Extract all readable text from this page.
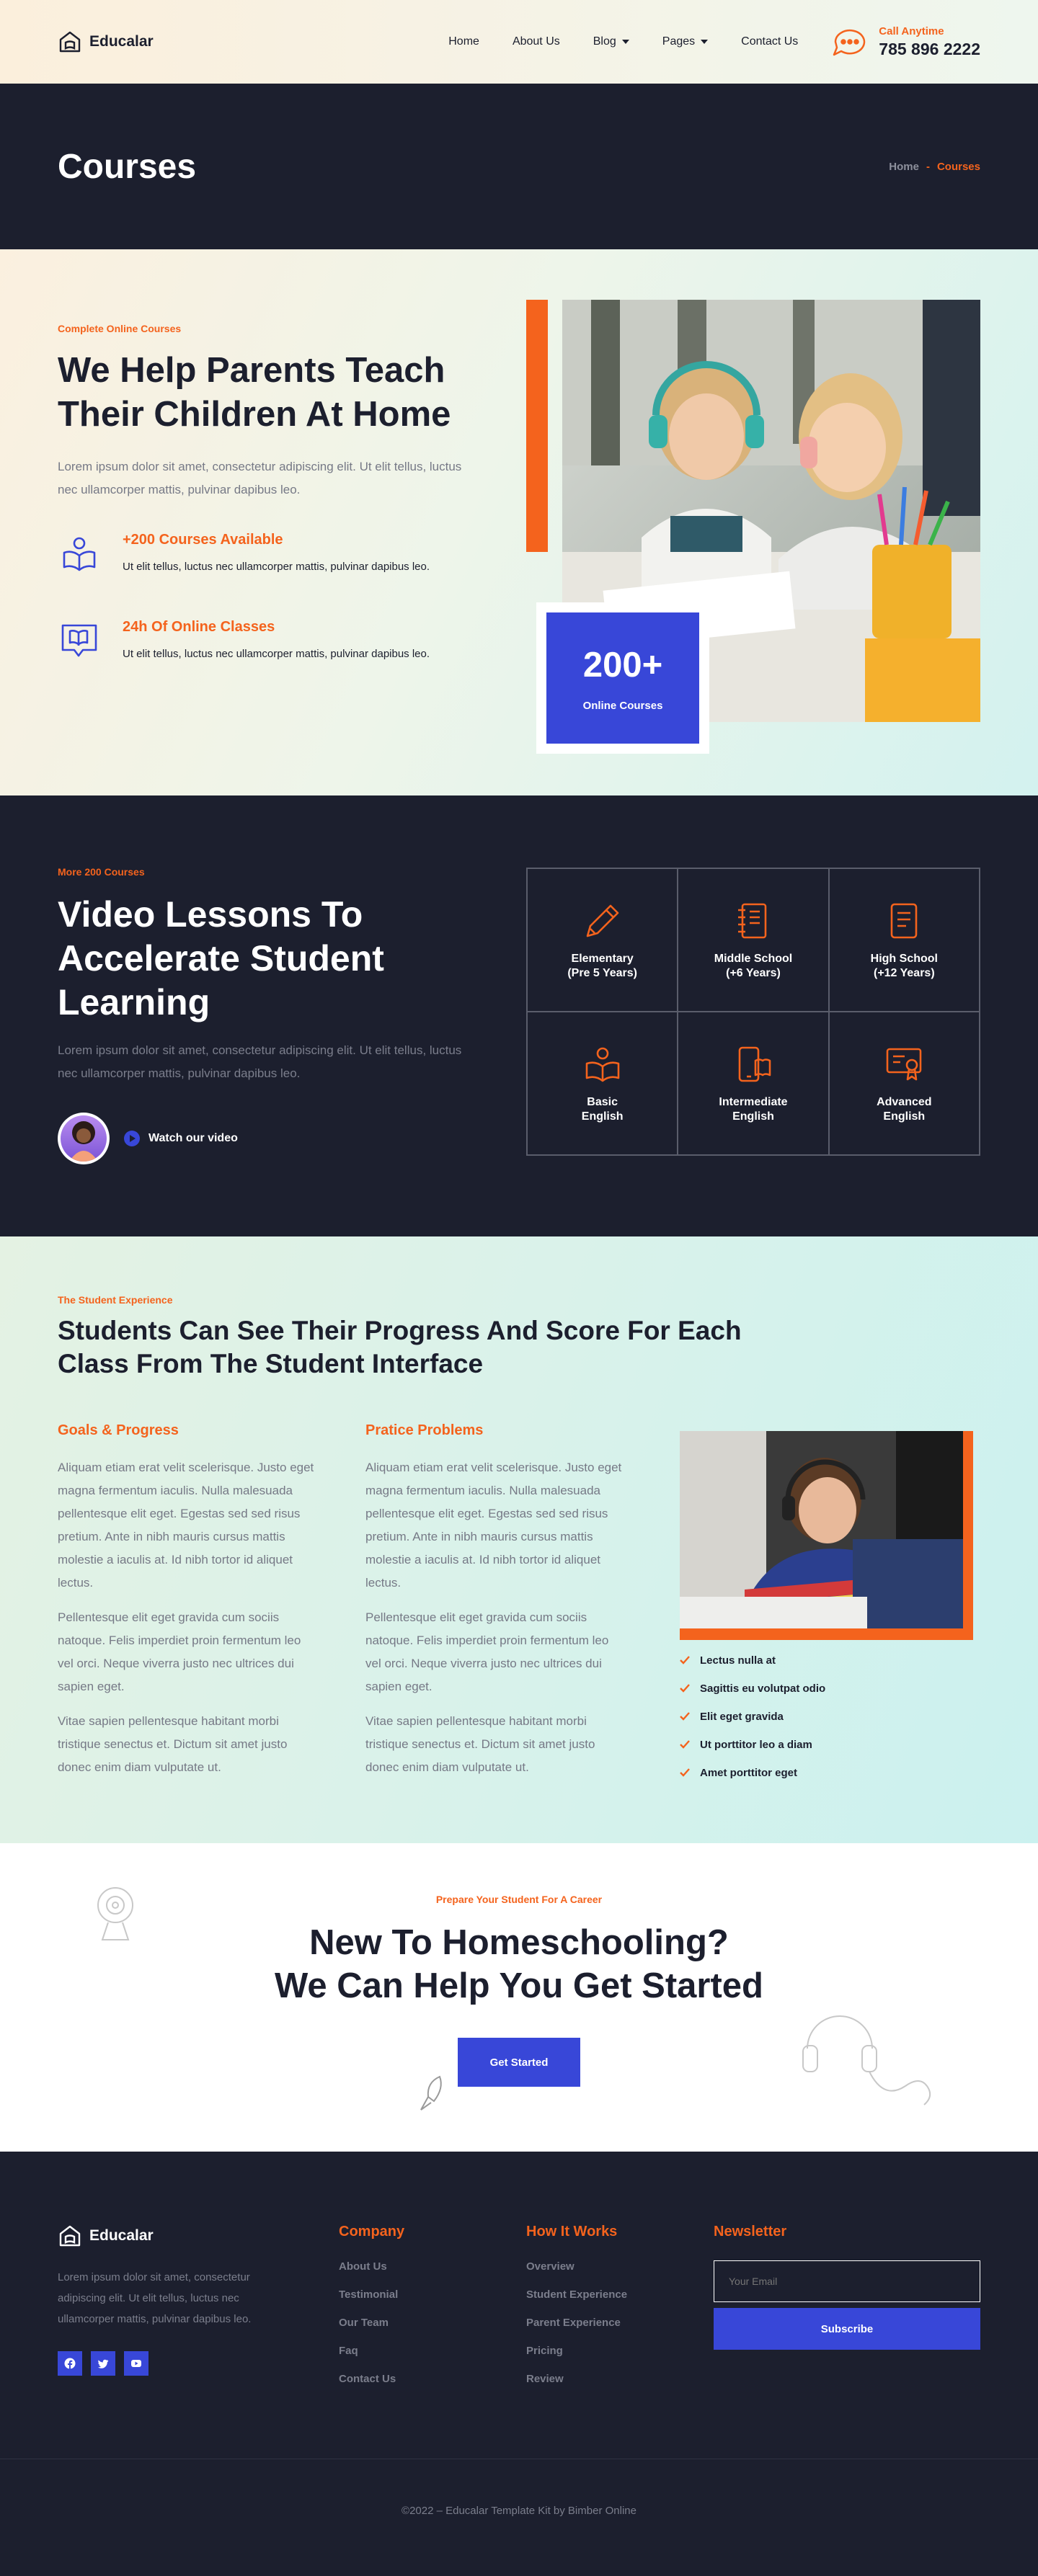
Educalar	Home	About Us	Blog	Pages	Contact Us
Call Anytime
785 896 2222
Courses	Home - Courses
Complete Online Courses
We Help Parents Teach Their Children At Home

Lorem ipsum dolor sit amet, consectetur adipiscing elit. Ut elit tellus, luctus nec ullamcorper mattis, pulvinar dapibus leo.

+200 Courses Available

Ut elit tellus, luctus nec ullamcorper mattis, pulvinar dapibus leo.

24h Of Online Classes

Ut elit tellus, luctus nec ullamcorper mattis, pulvinar dapibus leo.	200+
Online Courses
More 200 Courses
Video Lessons To Accelerate Student Learning

Lorem ipsum dolor sit amet, consectetur adipiscing elit. Ut elit tellus, luctus nec ullamcorper mattis, pulvinar dapibus leo.

Watch our video
Elementary
(Pre 5 Years)
Middle School
(+6 Years)
High School
(+12 Years)
Basic
English
Intermediate
English
Advanced
English
The Student Experience
Students Can See Their Progress And Score For Each Class From The Student Interface
Goals & Progress

Aliquam etiam erat velit scelerisque. Justo eget magna fermentum iaculis. Nulla malesuada pellentesque elit eget. Egestas sed sed risus pretium. Ante in nibh mauris cursus mattis molestie a iaculis at. Id nibh tortor id aliquet lectus.

Pellentesque elit eget gravida cum sociis natoque. Felis imperdiet proin fermentum leo vel orci. Neque viverra justo nec ultrices dui sapien eget.

Vitae sapien pellentesque habitant morbi tristique senectus et. Dictum sit amet justo donec enim diam vulputate ut.

Pratice Problems

Aliquam etiam erat velit scelerisque. Justo eget magna fermentum iaculis. Nulla malesuada pellentesque elit eget. Egestas sed sed risus pretium. Ante in nibh mauris cursus mattis molestie a iaculis at. Id nibh tortor id aliquet lectus.

Pellentesque elit eget gravida cum sociis natoque. Felis imperdiet proin fermentum leo vel orci. Neque viverra justo nec ultrices dui sapien eget.

Vitae sapien pellentesque habitant morbi tristique senectus et. Dictum sit amet justo donec enim diam vulputate ut.

Lectus nulla at
Sagittis eu volutpat odio
Elit eget gravida
Ut porttitor leo a diam
Amet porttitor eget
Prepare Your Student For A Career
New To Homeschooling?
We Can Help You Get Started
Get Started
Educalar

Lorem ipsum dolor sit amet, consectetur adipiscing elit. Ut elit tellus, luctus nec ullamcorper mattis, pulvinar dapibus leo.

Company
About Us
Testimonial
Our Team
Faq
Contact Us
How It Works
Overview
Student Experience
Parent Experience
Pricing
Review
Newsletter
Your Email
Subscribe
©2022 – Educalar Template Kit by Bimber Online
